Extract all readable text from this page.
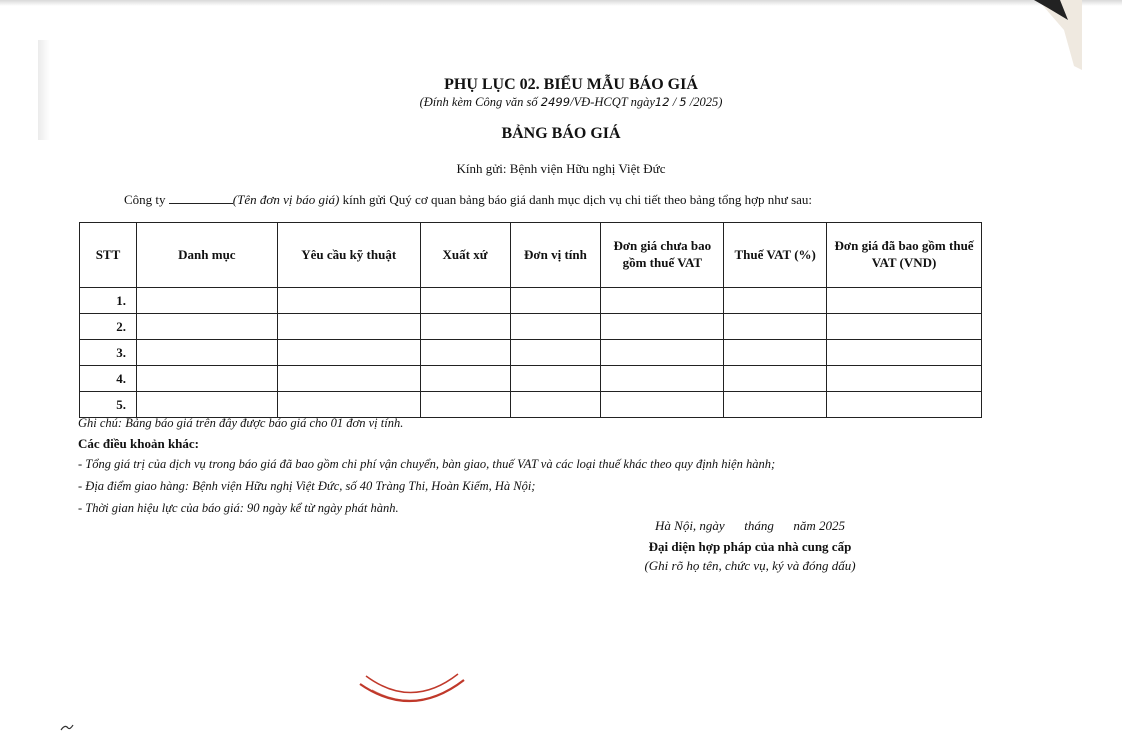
PHỤ LỤC 02. BIỂU MẪU BÁO GIÁ
(Đính kèm Công văn số 2499/VĐ-HCQT ngày12 / 5 /2025)
BẢNG BÁO GIÁ
Kính gửi: Bệnh viện Hữu nghị Việt Đức
Công ty	(Tên đơn vị báo giá) kính gửi Quý cơ quan bảng báo giá danh mục dịch vụ chi tiết theo bảng tổng hợp như sau:
STT	Danh mục	Yêu cầu kỹ thuật	Xuất xứ	Đơn vị tính	Đơn giá chưa bao gồm thuế VAT	Thuế VAT (%)	Đơn giá đã bao gồm thuế VAT (VND)
1.							
2.							
3.							
4.							
5.							
Ghi chú: Bảng báo giá trên đây được báo giá cho 01 đơn vị tính.
Các điều khoản khác:
- Tổng giá trị của dịch vụ trong báo giá đã bao gồm chi phí vận chuyển, bàn giao, thuế VAT và các loại thuế khác theo quy định hiện hành;
- Địa điểm giao hàng: Bệnh viện Hữu nghị Việt Đức, số 40 Tràng Thi, Hoàn Kiếm, Hà Nội;
- Thời gian hiệu lực của báo giá: 90 ngày kể từ ngày phát hành.
Hà Nội, ngày      tháng      năm 2025
Đại diện hợp pháp của nhà cung cấp
(Ghi rõ họ tên, chức vụ, ký và đóng dấu)
